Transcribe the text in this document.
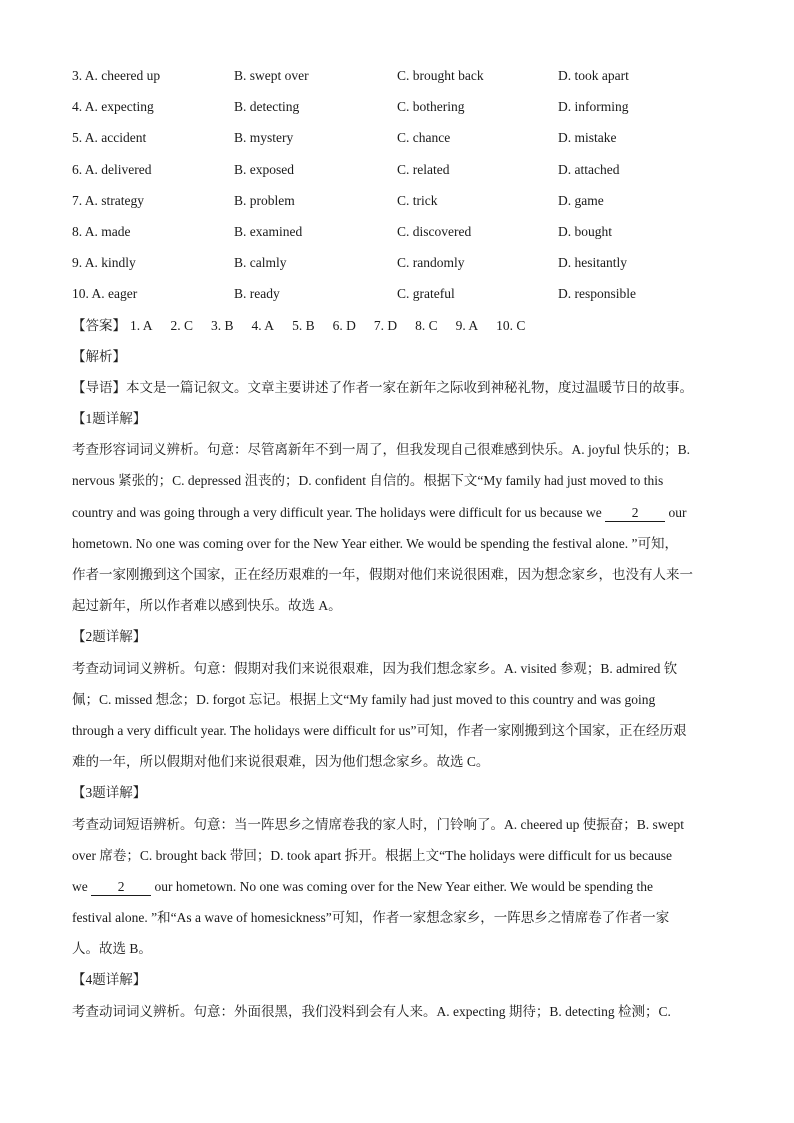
3. A. cheered up	B. swept over	C. brought back	D. took apart
4. A. expecting	B. detecting	C. bothering	D. informing
5. A. accident	B. mystery	C. chance	D. mistake
6. A. delivered	B. exposed	C. related	D. attached
7. A. strategy	B. problem	C. trick	D. game
8. A. made	B. examined	C. discovered	D. bought
9. A. kindly	B. calmly	C. randomly	D. hesitantly
10. A. eager	B. ready	C. grateful	D. responsible
【答案】 1. A 2. C 3. B 4. A 5. B 6. D 7. D 8. C 9. A 10. C
【解析】
【导语】本文是一篇记叙文。文章主要讲述了作者一家在新年之际收到神秘礼物，度过温暖节日的故事。
【1题详解】
考查形容词词义辨析。句意：尽管离新年不到一周了，但我发现自己很难感到快乐。A. joyful 快乐的；B.
nervous 紧张的；C. depressed 沮丧的；D. confident 自信的。根据下文“My family had just moved to this
country and was going through a very difficult year. The holidays were difficult for us because we 2 our
hometown. No one was coming over for the New Year either. We would be spending the festival alone. ”可知，
作者一家刚搬到这个国家，正在经历艰难的一年，假期对他们来说很困难，因为想念家乡，也没有人来一
起过新年，所以作者难以感到快乐。故选 A。
【2题详解】
考查动词词义辨析。句意：假期对我们来说很艰难，因为我们想念家乡。A. visited 参观；B. admired 钦
佩；C. missed 想念；D. forgot 忘记。根据上文“My family had just moved to this country and was going
through a very difficult year. The holidays were difficult for us”可知，作者一家刚搬到这个国家，正在经历艰
难的一年，所以假期对他们来说很艰难，因为他们想念家乡。故选 C。
【3题详解】
考查动词短语辨析。句意：当一阵思乡之情席卷我的家人时，门铃响了。A. cheered up 使振奋；B. swept
over 席卷；C. brought back 带回；D. took apart 拆开。根据上文“The holidays were difficult for us because
we 2 our hometown. No one was coming over for the New Year either. We would be spending the
festival alone. ”和“As a wave of homesickness”可知，作者一家想念家乡，一阵思乡之情席卷了作者一家
人。故选 B。
【4题详解】
考查动词词义辨析。句意：外面很黑，我们没料到会有人来。A. expecting 期待；B. detecting 检测；C.
